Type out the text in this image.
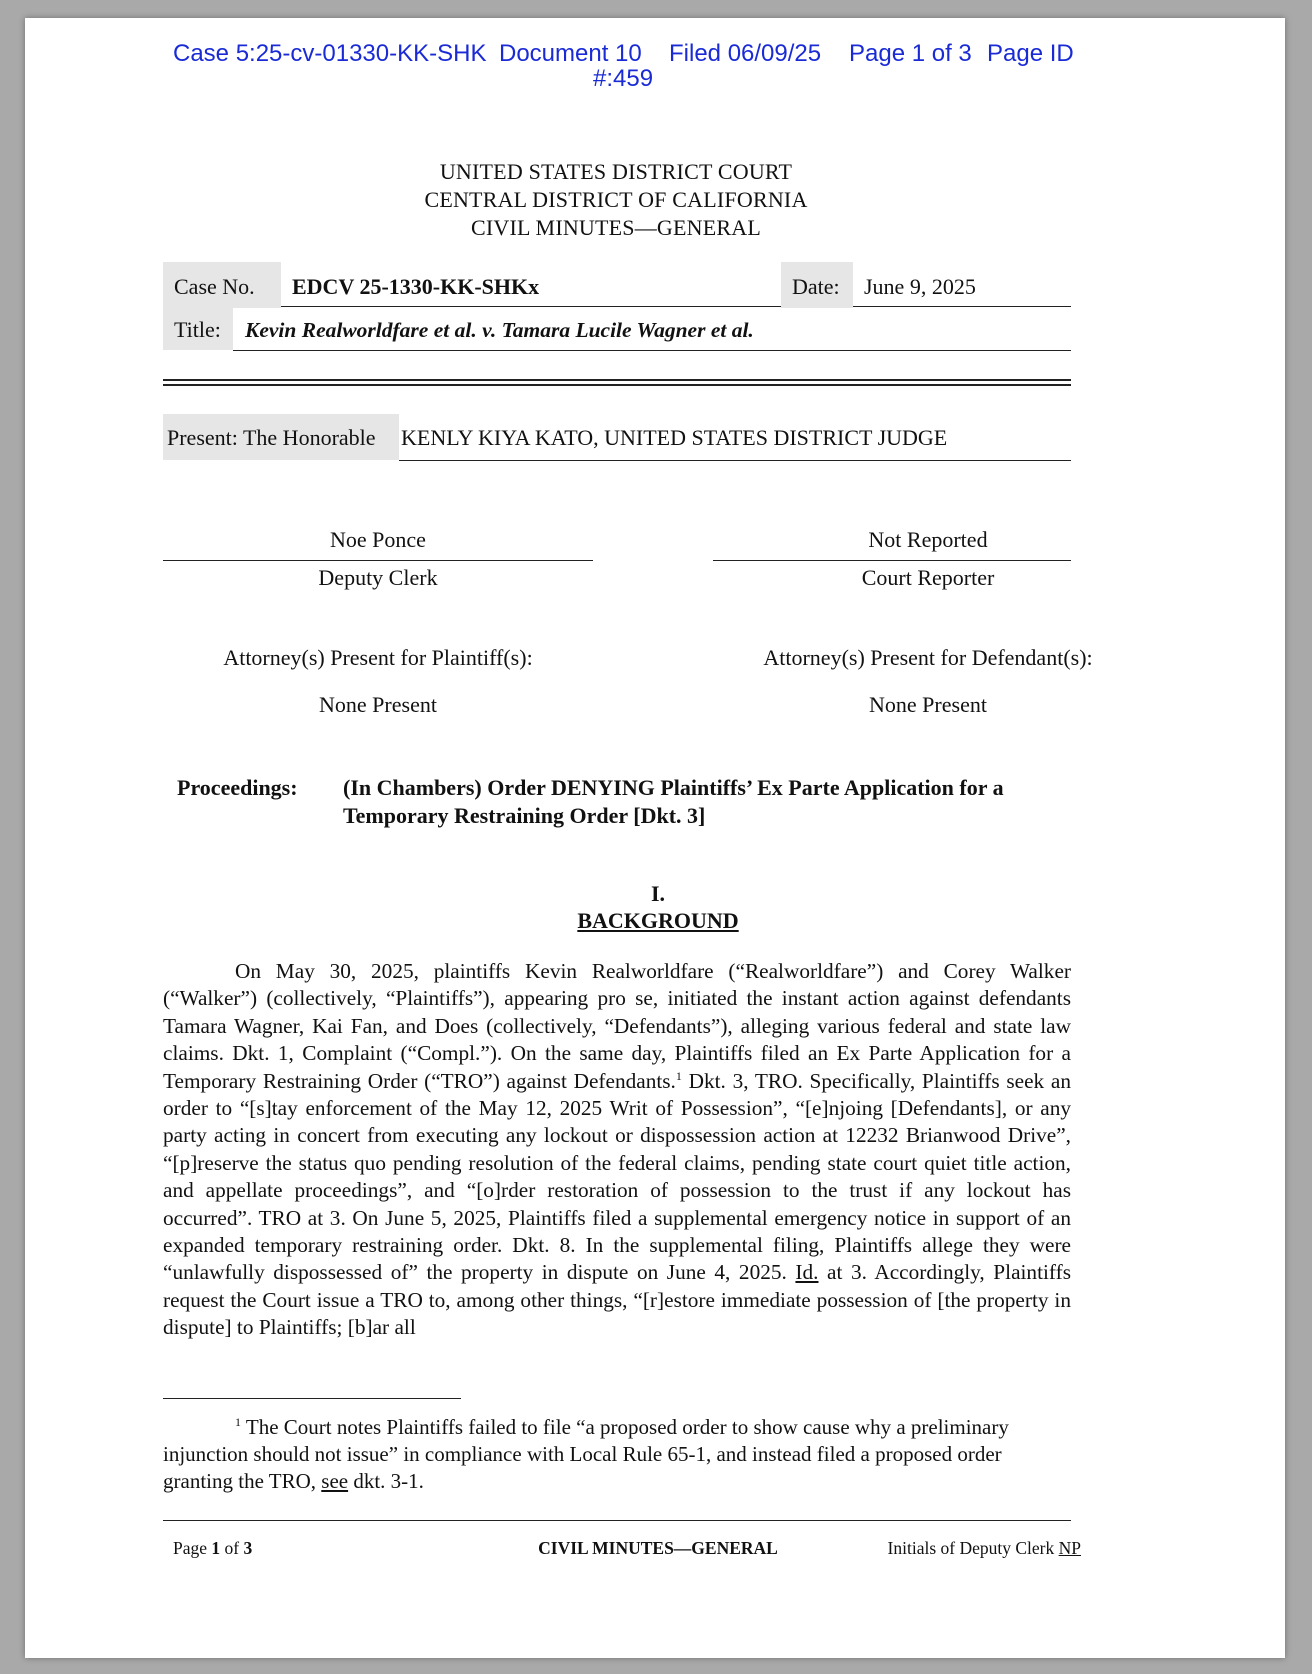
Case 5:25-cv-01330-KK-SHK Document 10 Filed 06/09/25 Page 1 of 3 Page ID
#:459
UNITED STATES DISTRICT COURT
CENTRAL DISTRICT OF CALIFORNIA
CIVIL MINUTES—GENERAL
Case No.	EDCV 25-1330-KK-SHKx	Date:	June 9, 2025
Title:	Kevin Realworldfare et al. v. Tamara Lucile Wagner et al.
Present: The Honorable	KENLY KIYA KATO, UNITED STATES DISTRICT JUDGE
Noe Ponce
Deputy Clerk
Not Reported
Court Reporter
Attorney(s) Present for Plaintiff(s):
None Present
Attorney(s) Present for Defendant(s):
None Present
Proceedings: (In Chambers) Order DENYING Plaintiffs’ Ex Parte Application for a
Temporary Restraining Order [Dkt. 3]
I.
BACKGROUND
On May 30, 2025, plaintiffs Kevin Realworldfare (“Realworldfare”) and Corey Walker (“Walker”) (collectively, “Plaintiffs”), appearing pro se, initiated the instant action against defendants Tamara Wagner, Kai Fan, and Does (collectively, “Defendants”), alleging various federal and state law claims. Dkt. 1, Complaint (“Compl.”). On the same day, Plaintiffs filed an Ex Parte Application for a Temporary Restraining Order (“TRO”) against Defendants.$^1$ Dkt. 3, TRO. Specifically, Plaintiffs seek an order to “[s]tay enforcement of the May 12, 2025 Writ of Possession”, “[e]njoing [Defendants], or any party acting in concert from executing any lockout or dispossession action at 12232 Brianwood Drive”, “[p]reserve the status quo pending resolution of the federal claims, pending state court quiet title action, and appellate proceedings”, and “[o]rder restoration of possession to the trust if any lockout has occurred”. TRO at 3. On June 5, 2025, Plaintiffs filed a supplemental emergency notice in support of an expanded temporary restraining order. Dkt. 8. In the supplemental filing, Plaintiffs allege they were “unlawfully dispossessed of” the property in dispute on June 4, 2025. Id. at 3. Accordingly, Plaintiffs request the Court issue a TRO to, among other things, “[r]estore immediate possession of [the property in dispute] to Plaintiffs; [b]ar all
$^1$ The Court notes Plaintiffs failed to file “a proposed order to show cause why a preliminary injunction should not issue” in compliance with Local Rule 65-1, and instead filed a proposed order granting the TRO, see dkt. 3-1.
Page 1 of 3	CIVIL MINUTES—GENERAL	Initials of Deputy Clerk NP
